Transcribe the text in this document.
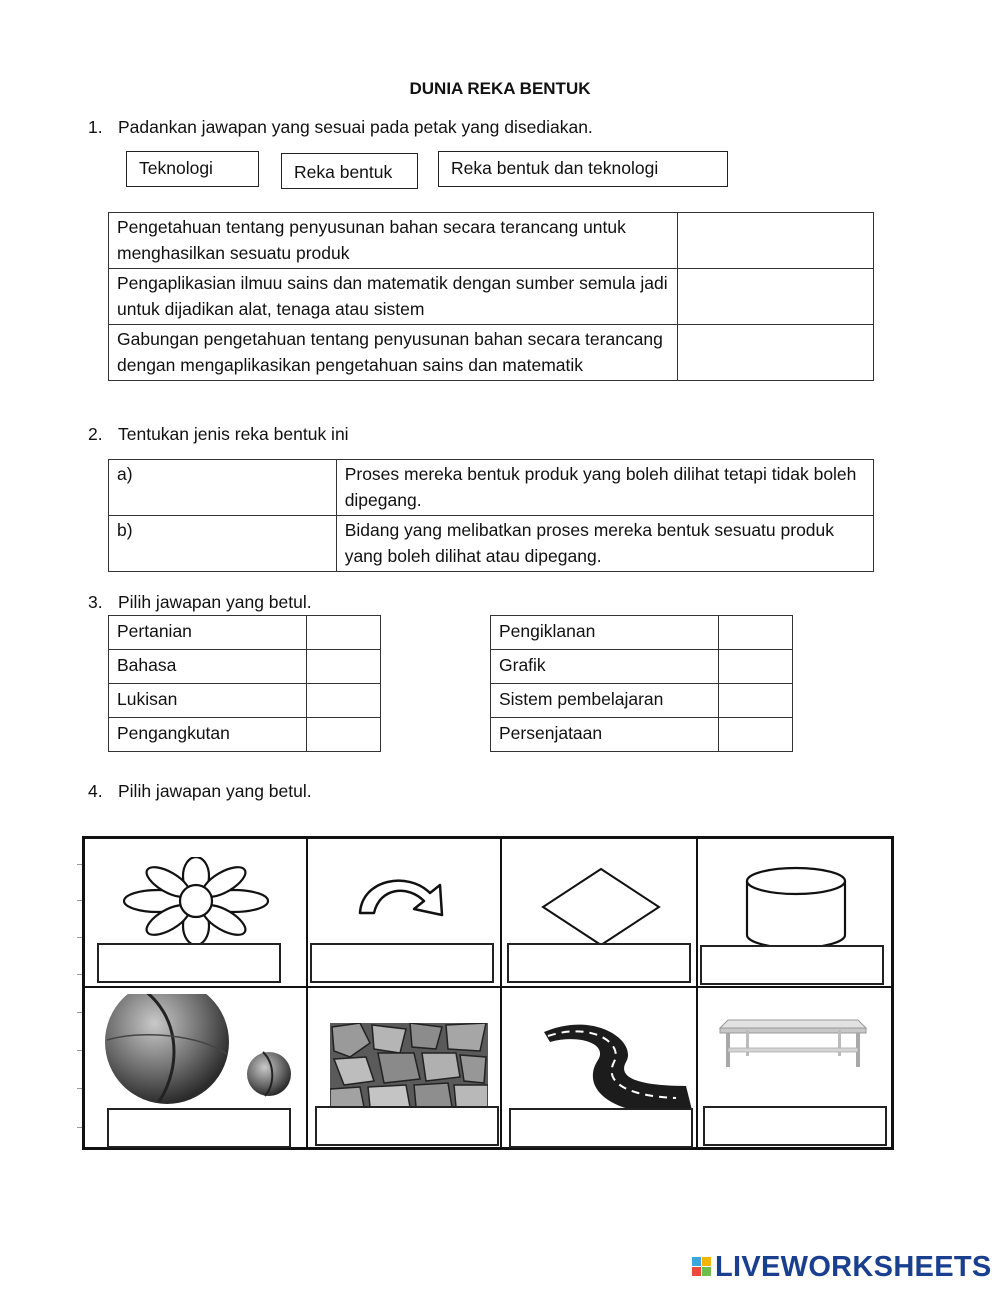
DUNIA REKA BENTUK
1. Padankan jawapan yang sesuai pada petak yang disediakan.
Teknologi	Reka bentuk	Reka bentuk dan teknologi
Pengetahuan tentang penyusunan bahan secara terancang untuk menghasilkan sesuatu produk	
Pengaplikasian ilmuu sains dan matematik dengan sumber semula jadi untuk dijadikan alat, tenaga atau sistem	
Gabungan pengetahuan tentang penyusunan bahan secara terancang dengan mengaplikasikan pengetahuan sains dan matematik	
2. Tentukan jenis reka bentuk ini
a)	Proses mereka bentuk produk yang boleh dilihat tetapi tidak boleh dipegang.
b)	Bidang yang melibatkan proses mereka bentuk sesuatu produk yang boleh dilihat atau dipegang.
3. Pilih jawapan yang betul.
Pertanian	
Bahasa	
Lukisan	
Pengangkutan	
Pengiklanan	
Grafik	
Sistem pembelajaran	
Persenjataan	
4. Pilih jawapan yang betul.
LIVEWORKSHEETS
